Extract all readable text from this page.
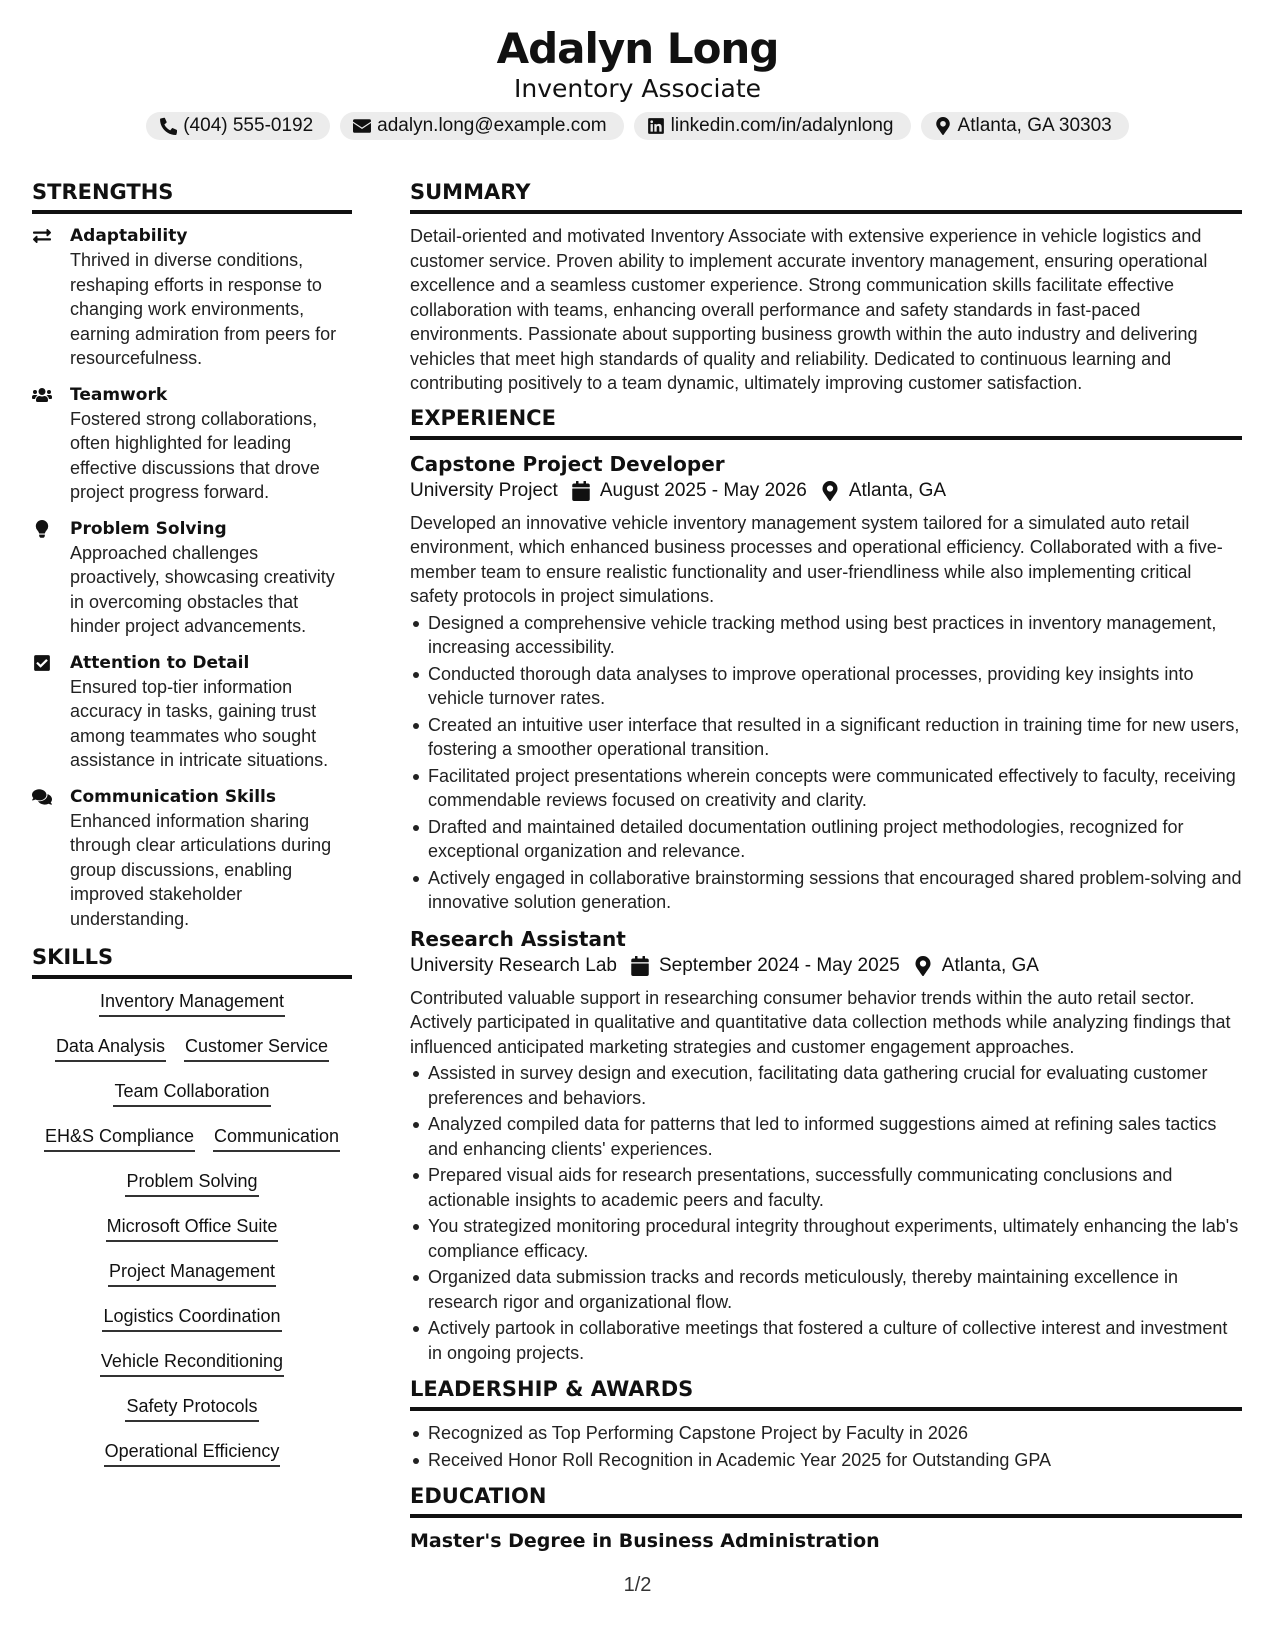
Adalyn Long
Inventory Associate
(404) 555-0192	adalyn.long@example.com	linkedin.com/in/adalynlong	Atlanta, GA 30303
STRENGTHS
Adaptability
Thrived in diverse conditions, reshaping efforts in response to changing work environments, earning admiration from peers for resourcefulness.
Teamwork
Fostered strong collaborations, often highlighted for leading effective discussions that drove project progress forward.
Problem Solving
Approached challenges proactively, showcasing creativity in overcoming obstacles that hinder project advancements.
Attention to Detail
Ensured top-tier information accuracy in tasks, gaining trust among teammates who sought assistance in intricate situations.
Communication Skills
Enhanced information sharing through clear articulations during group discussions, enabling improved stakeholder understanding.
SKILLS
Inventory Management
Data Analysis Customer Service
Team Collaboration
EH&S Compliance Communication
Problem Solving
Microsoft Office Suite
Project Management
Logistics Coordination
Vehicle Reconditioning
Safety Protocols
Operational Efficiency
SUMMARY
Detail-oriented and motivated Inventory Associate with extensive experience in vehicle logistics and customer service. Proven ability to implement accurate inventory management, ensuring operational excellence and a seamless customer experience. Strong communication skills facilitate effective collaboration with teams, enhancing overall performance and safety standards in fast-paced environments. Passionate about supporting business growth within the auto industry and delivering vehicles that meet high standards of quality and reliability. Dedicated to continuous learning and contributing positively to a team dynamic, ultimately improving customer satisfaction.
EXPERIENCE
Capstone Project Developer
University Project August 2025 - May 2026 Atlanta, GA
Developed an innovative vehicle inventory management system tailored for a simulated auto retail environment, which enhanced business processes and operational efficiency. Collaborated with a five-member team to ensure realistic functionality and user-friendliness while also implementing critical safety protocols in project simulations.
Designed a comprehensive vehicle tracking method using best practices in inventory management, increasing accessibility.
Conducted thorough data analyses to improve operational processes, providing key insights into vehicle turnover rates.
Created an intuitive user interface that resulted in a significant reduction in training time for new users, fostering a smoother operational transition.
Facilitated project presentations wherein concepts were communicated effectively to faculty, receiving commendable reviews focused on creativity and clarity.
Drafted and maintained detailed documentation outlining project methodologies, recognized for exceptional organization and relevance.
Actively engaged in collaborative brainstorming sessions that encouraged shared problem-solving and innovative solution generation.
Research Assistant
University Research Lab September 2024 - May 2025 Atlanta, GA
Contributed valuable support in researching consumer behavior trends within the auto retail sector. Actively participated in qualitative and quantitative data collection methods while analyzing findings that influenced anticipated marketing strategies and customer engagement approaches.
Assisted in survey design and execution, facilitating data gathering crucial for evaluating customer preferences and behaviors.
Analyzed compiled data for patterns that led to informed suggestions aimed at refining sales tactics and enhancing clients' experiences.
Prepared visual aids for research presentations, successfully communicating conclusions and actionable insights to academic peers and faculty.
You strategized monitoring procedural integrity throughout experiments, ultimately enhancing the lab's compliance efficacy.
Organized data submission tracks and records meticulously, thereby maintaining excellence in research rigor and organizational flow.
Actively partook in collaborative meetings that fostered a culture of collective interest and investment in ongoing projects.
LEADERSHIP & AWARDS
Recognized as Top Performing Capstone Project by Faculty in 2026
Received Honor Roll Recognition in Academic Year 2025 for Outstanding GPA
EDUCATION
Master's Degree in Business Administration
1/2
